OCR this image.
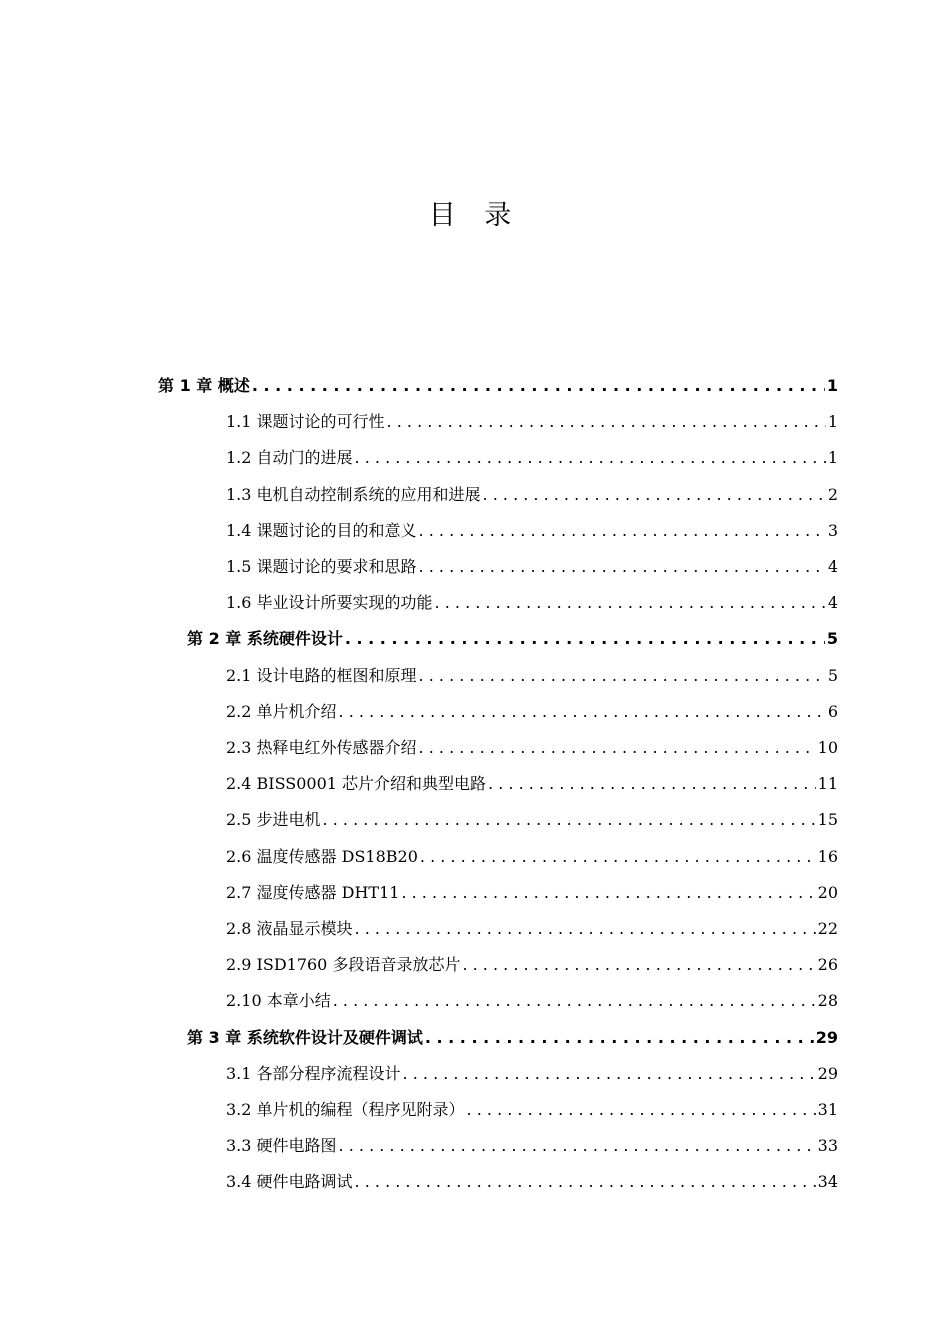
目 录
第 1 章 概述 . . .	1
1.1 课题讨论的可行性 . . .	1
1.2 自动门的进展 . . .	1
1.3 电机自动控制系统的应用和进展 . . .	2
1.4 课题讨论的目的和意义 . . .	3
1.5 课题讨论的要求和思路 . . .	4
1.6 毕业设计所要实现的功能 . . .	4
第 2 章 系统硬件设计 . . .	5
2.1 设计电路的框图和原理 . . .	5
2.2 单片机介绍 . . .	6
2.3 热释电红外传感器介绍 . . .	10
2.4 BISS0001 芯片介绍和典型电路 . . .	11
2.5 步进电机 . . .	15
2.6 温度传感器 DS18B20 . . .	16
2.7 湿度传感器 DHT11 . . .	20
2.8 液晶显示模块 . . .	22
2.9 ISD1760 多段语音录放芯片 . . .	26
2.10 本章小结 . . .	28
第 3 章 系统软件设计及硬件调试 . . .	29
3.1 各部分程序流程设计 . . .	29
3.2 单片机的编程（程序见附录） . . .	31
3.3 硬件电路图 . . .	33
3.4 硬件电路调试 . . .	34
